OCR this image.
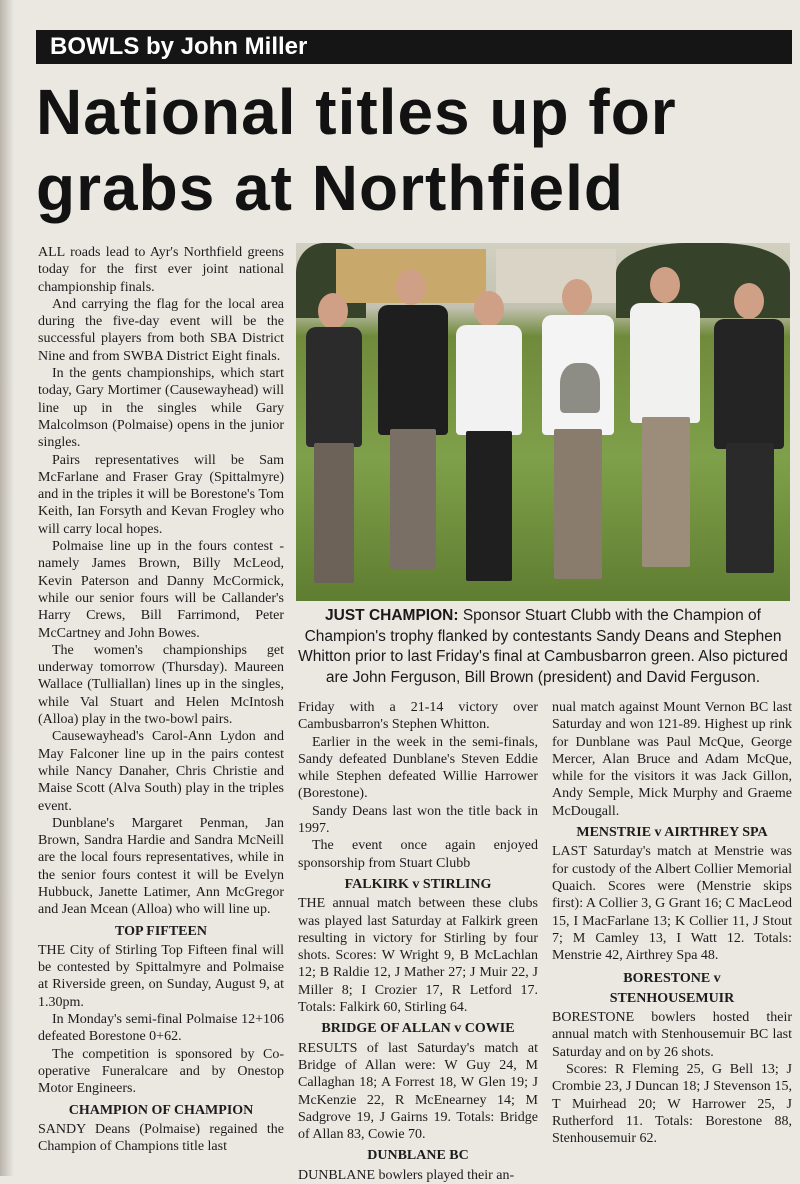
BOWLS by John Miller
National titles up for
grabs at Northfield

ALL roads lead to Ayr's Northfield greens today for the first ever joint national championship finals.

And carrying the flag for the local area during the five-day event will be the successful players from both SBA District Nine and from SWBA District Eight finals.

In the gents championships, which start today, Gary Mortimer (Causewayhead) will line up in the singles while Gary Malcolmson (Polmaise) opens in the junior singles.

Pairs representatives will be Sam McFarlane and Fraser Gray (Spittalmyre) and in the triples it will be Borestone's Tom Keith, Ian Forsyth and Kevan Frogley who will carry local hopes.

Polmaise line up in the fours contest - namely James Brown, Billy McLeod, Kevin Paterson and Danny McCormick, while our senior fours will be Callander's Harry Crews, Bill Farrimond, Peter McCartney and John Bowes.

The women's championships get underway tomorrow (Thursday). Maureen Wallace (Tulliallan) lines up in the singles, while Val Stuart and Helen McIntosh (Alloa) play in the two-bowl pairs.

Causewayhead's Carol-Ann Lydon and May Falconer line up in the pairs contest while Nancy Danaher, Chris Christie and Maise Scott (Alva South) play in the triples event.

Dunblane's Margaret Penman, Jan Brown, Sandra Hardie and Sandra McNeill are the local fours representatives, while in the senior fours contest it will be Evelyn Hubbuck, Janette Latimer, Ann McGregor and Jean Mcean (Alloa) who will line up.

TOP FIFTEEN

THE City of Stirling Top Fifteen final will be contested by Spittalmyre and Polmaise at Riverside green, on Sunday, August 9, at 1.30pm.

In Monday's semi-final Polmaise 12+106 defeated Borestone 0+62.

The competition is sponsored by Co-operative Funeralcare and by Onestop Motor Engineers.

CHAMPION OF CHAMPION

SANDY Deans (Polmaise) regained the Champion of Champions title last

JUST CHAMPION: Sponsor Stuart Clubb with the Champion of Champion's trophy flanked by contestants Sandy Deans and Stephen Whitton prior to last Friday's final at Cambusbarron green. Also pictured are John Ferguson, Bill Brown (president) and David Ferguson.

Friday with a 21-14 victory over Cambusbarron's Stephen Whitton.

Earlier in the week in the semi-finals, Sandy defeated Dunblane's Steven Eddie while Stephen defeated Willie Harrower (Borestone).

Sandy Deans last won the title back in 1997.

The event once again enjoyed sponsorship from Stuart Clubb

FALKIRK v STIRLING

THE annual match between these clubs was played last Saturday at Falkirk green resulting in victory for Stirling by four shots. Scores: W Wright 9, B McLachlan 12; B Raldie 12, J Mather 27; J Muir 22, J Miller 8; I Crozier 17, R Letford 17. Totals: Falkirk 60, Stirling 64.

BRIDGE OF ALLAN v COWIE

RESULTS of last Saturday's match at Bridge of Allan were: W Guy 24, M Callaghan 18; A Forrest 18, W Glen 19; J McKenzie 22, R McEnearney 14; M Sadgrove 19, J Gairns 19. Totals: Bridge of Allan 83, Cowie 70.

DUNBLANE BC

DUNBLANE bowlers played their an-

nual match against Mount Vernon BC last Saturday and won 121-89. Highest up rink for Dunblane was Paul McQue, George Mercer, Alan Bruce and Adam McQue, while for the visitors it was Jack Gillon, Andy Semple, Mick Murphy and Graeme McDougall.

MENSTRIE v AIRTHREY SPA

LAST Saturday's match at Menstrie was for custody of the Albert Collier Memorial Quaich. Scores were (Menstrie skips first): A Collier 3, G Grant 16; C MacLeod 15, I MacFarlane 13; K Collier 11, J Stout 7; M Camley 13, I Watt 12. Totals: Menstrie 42, Airthrey Spa 48.

BORESTONE v
STENHOUSEMUIR

BORESTONE bowlers hosted their annual match with Stenhousemuir BC last Saturday and on by 26 shots.

Scores: R Fleming 25, G Bell 13; J Crombie 23, J Duncan 18; J Stevenson 15, T Muirhead 20; W Harrower 25, J Rutherford 11. Totals: Borestone 88, Stenhousemuir 62.
